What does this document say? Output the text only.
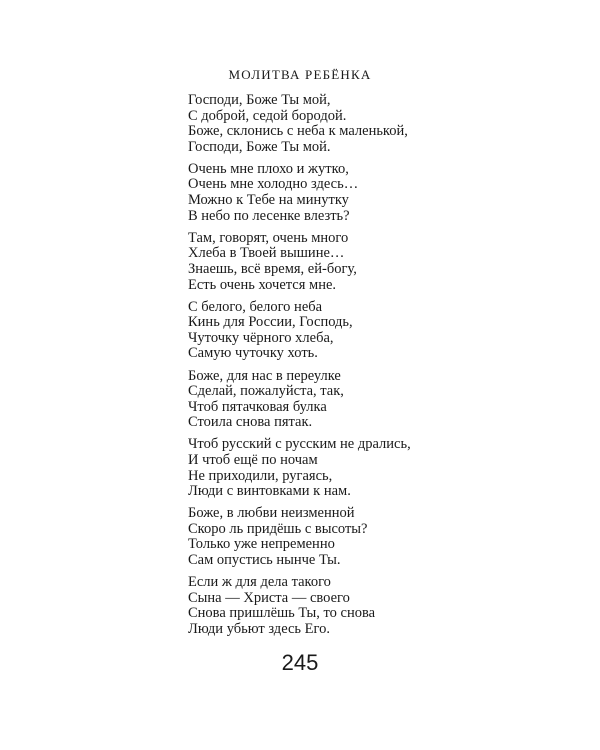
МОЛИТВА РЕБЁНКА
Господи, Боже Ты мой,
С доброй, седой бородой.
Боже, склонись с неба к маленькой,
Господи, Боже Ты мой.
Очень мне плохо и жутко,
Очень мне холодно здесь…
Можно к Тебе на минутку
В небо по лесенке влезть?
Там, говорят, очень много
Хлеба в Твоей вышине…
Знаешь, всё время, ей-богу,
Есть очень хочется мне.
С белого, белого неба
Кинь для России, Господь,
Чуточку чёрного хлеба,
Самую чуточку хоть.
Боже, для нас в переулке
Сделай, пожалуйста, так,
Чтоб пятачковая булка
Стоила снова пятак.
Чтоб русский с русским не дрались,
И чтоб ещё по ночам
Не приходили, ругаясь,
Люди с винтовками к нам.
Боже, в любви неизменной
Скоро ль придёшь с высоты?
Только уже непременно
Сам опустись нынче Ты.
Если ж для дела такого
Сына — Христа — своего
Снова пришлёшь Ты, то снова
Люди убьют здесь Его.
245
